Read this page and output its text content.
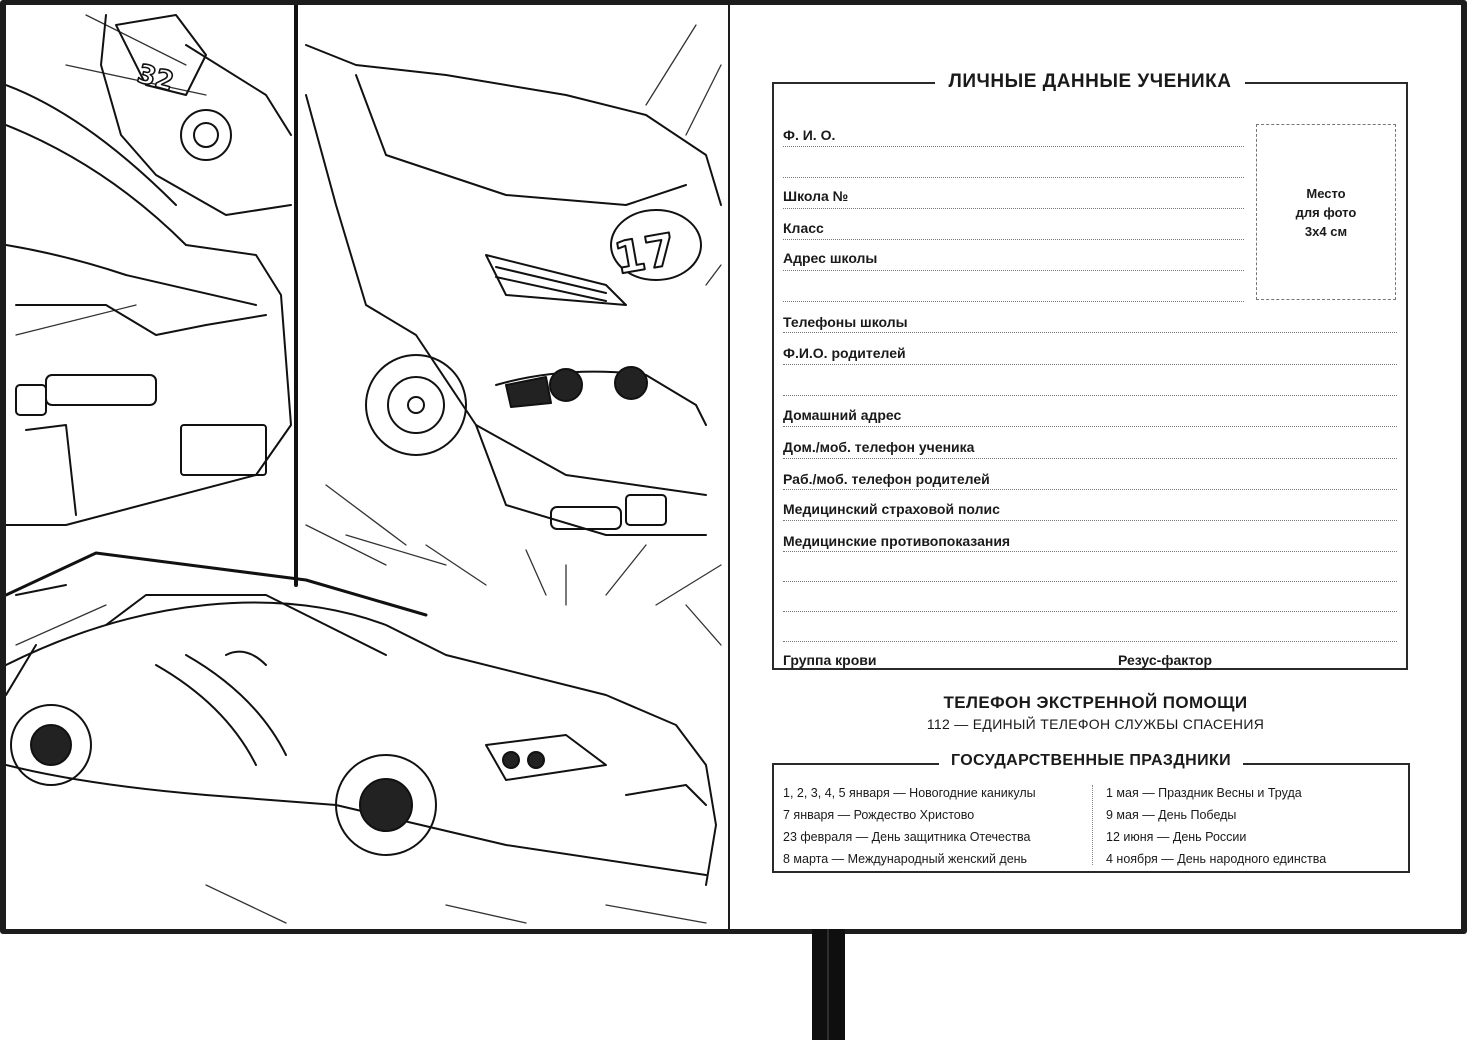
32
17
ЛИЧНЫЕ ДАННЫЕ УЧЕНИКА
Ф. И. О.
Школа №
Класс
Адрес школы
Место
для фото
3х4 см
Телефоны школы
Ф.И.О. родителей
Домашний адрес
Дом./моб. телефон ученика
Раб./моб. телефон родителей
Медицинский страховой полис
Медицинские противопоказания
Группа крови	Резус-фактор
ТЕЛЕФОН ЭКСТРЕННОЙ ПОМОЩИ
112 — ЕДИНЫЙ ТЕЛЕФОН СЛУЖБЫ СПАСЕНИЯ
ГОСУДАРСТВЕННЫЕ ПРАЗДНИКИ
1, 2, 3, 4, 5 января — Новогодние каникулы
7 января — Рождество Христово
23 февраля — День защитника Отечества
8 марта — Международный женский день
1 мая — Праздник Весны и Труда
9 мая — День Победы
12 июня — День России
4 ноября — День народного единства
